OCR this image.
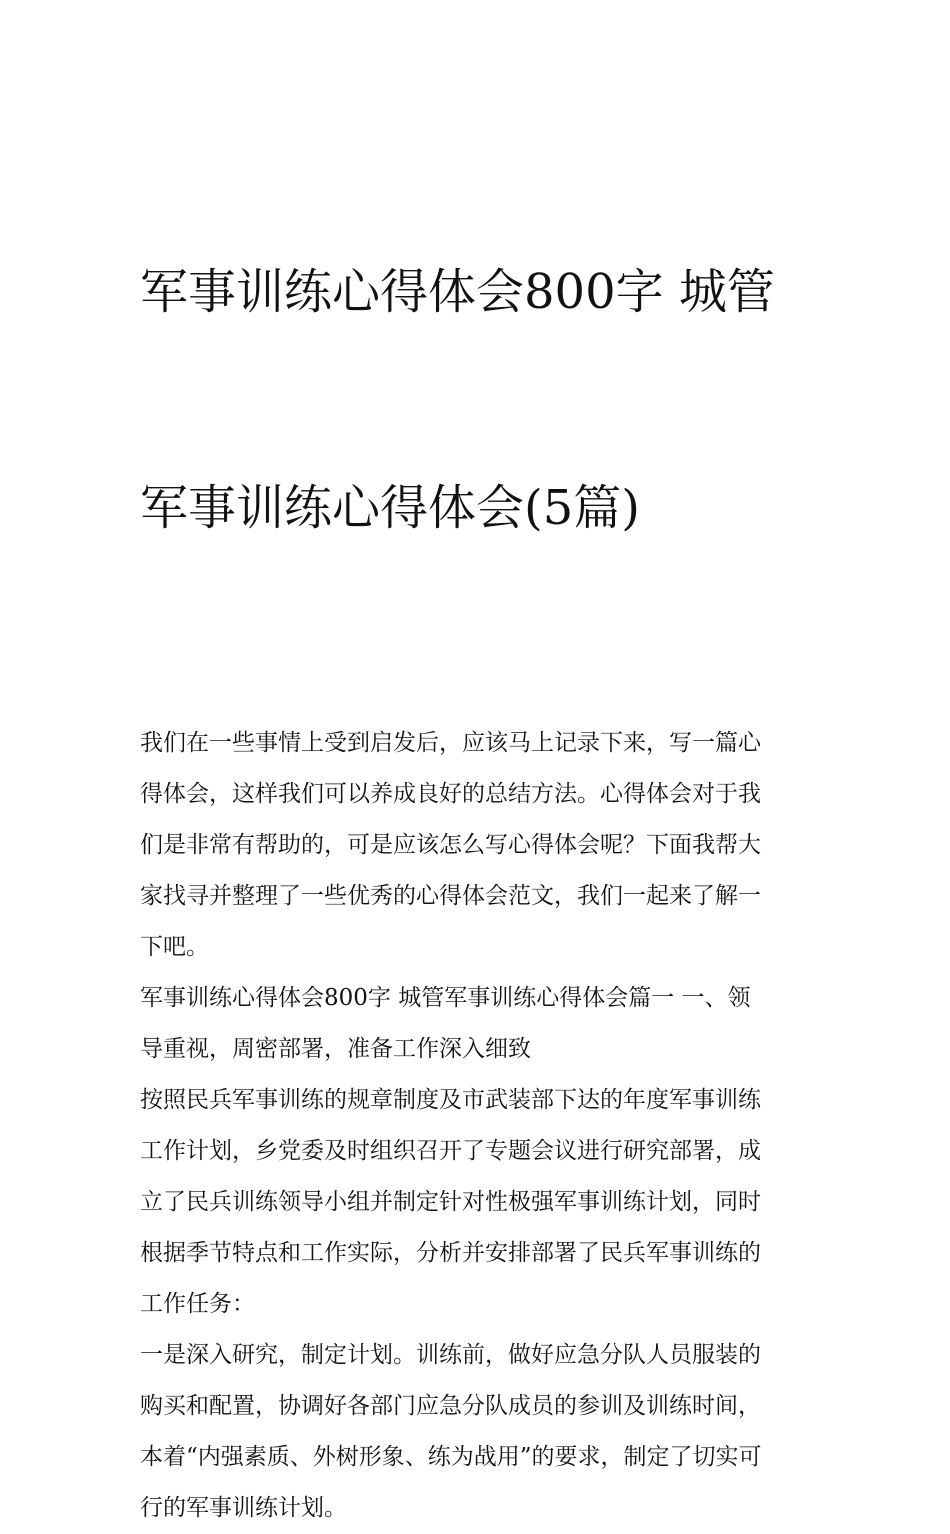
军事训练心得体会800字 城管

军事训练心得体会(5篇)

我们在一些事情上受到启发后，应该马上记录下来，写一篇心
得体会，这样我们可以养成良好的总结方法。心得体会对于我
们是非常有帮助的，可是应该怎么写心得体会呢？下面我帮大
家找寻并整理了一些优秀的心得体会范文，我们一起来了解一
下吧。

军事训练心得体会800字 城管军事训练心得体会篇一 一、领
导重视，周密部署，准备工作深入细致

按照民兵军事训练的规章制度及市武装部下达的年度军事训练
工作计划，乡党委及时组织召开了专题会议进行研究部署，成
立了民兵训练领导小组并制定针对性极强军事训练计划，同时
根据季节特点和工作实际，分析并安排部署了民兵军事训练的
工作任务：

一是深入研究，制定计划。训练前，做好应急分队人员服装的
购买和配置，协调好各部门应急分队成员的参训及训练时间，
本着“内强素质、外树形象、练为战用”的要求，制定了切实可
行的军事训练计划。
